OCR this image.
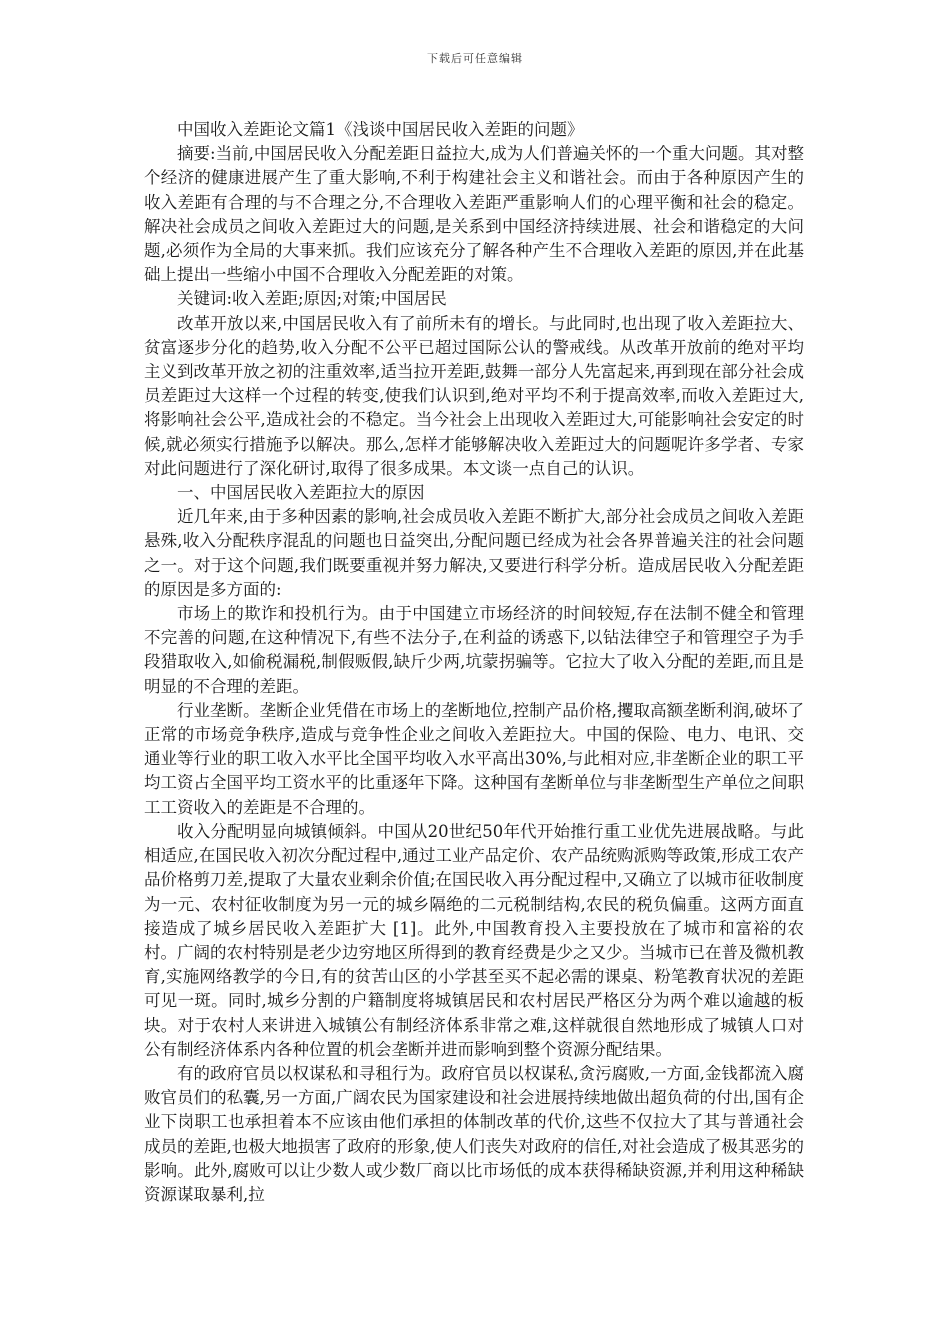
下载后可任意编辑

中国收入差距论文篇1《浅谈中国居民收入差距的问题》

摘要:当前,中国居民收入分配差距日益拉大,成为人们普遍关怀的一个重大问题。其对整个经济的健康进展产生了重大影响,不利于构建社会主义和谐社会。而由于各种原因产生的收入差距有合理的与不合理之分,不合理收入差距严重影响人们的心理平衡和社会的稳定。解决社会成员之间收入差距过大的问题,是关系到中国经济持续进展、社会和谐稳定的大问题,必须作为全局的大事来抓。我们应该充分了解各种产生不合理收入差距的原因,并在此基础上提出一些缩小中国不合理收入分配差距的对策。

关键词:收入差距;原因;对策;中国居民

改革开放以来,中国居民收入有了前所未有的增长。与此同时,也出现了收入差距拉大、贫富逐步分化的趋势,收入分配不公平已超过国际公认的警戒线。从改革开放前的绝对平均主义到改革开放之初的注重效率,适当拉开差距,鼓舞一部分人先富起来,再到现在部分社会成员差距过大这样一个过程的转变,使我们认识到,绝对平均不利于提高效率,而收入差距过大,将影响社会公平,造成社会的不稳定。当今社会上出现收入差距过大,可能影响社会安定的时候,就必须实行措施予以解决。那么,怎样才能够解决收入差距过大的问题呢许多学者、专家对此问题进行了深化研讨,取得了很多成果。本文谈一点自己的认识。

一、中国居民收入差距拉大的原因

近几年来,由于多种因素的影响,社会成员收入差距不断扩大,部分社会成员之间收入差距悬殊,收入分配秩序混乱的问题也日益突出,分配问题已经成为社会各界普遍关注的社会问题之一。对于这个问题,我们既要重视并努力解决,又要进行科学分析。造成居民收入分配差距的原因是多方面的:

市场上的欺诈和投机行为。由于中国建立市场经济的时间较短,存在法制不健全和管理不完善的问题,在这种情况下,有些不法分子,在利益的诱惑下,以钻法律空子和管理空子为手段猎取收入,如偷税漏税,制假贩假,缺斤少两,坑蒙拐骗等。它拉大了收入分配的差距,而且是明显的不合理的差距。

行业垄断。垄断企业凭借在市场上的垄断地位,控制产品价格,攫取高额垄断利润,破坏了正常的市场竞争秩序,造成与竞争性企业之间收入差距拉大。中国的保险、电力、电讯、交通业等行业的职工收入水平比全国平均收入水平高出30%,与此相对应,非垄断企业的职工平均工资占全国平均工资水平的比重逐年下降。这种国有垄断单位与非垄断型生产单位之间职工工资收入的差距是不合理的。

收入分配明显向城镇倾斜。中国从20世纪50年代开始推行重工业优先进展战略。与此相适应,在国民收入初次分配过程中,通过工业产品定价、农产品统购派购等政策,形成工农产品价格剪刀差,提取了大量农业剩余价值;在国民收入再分配过程中,又确立了以城市征收制度为一元、农村征收制度为另一元的城乡隔绝的二元税制结构,农民的税负偏重。这两方面直接造成了城乡居民收入差距扩大 [1]。此外,中国教育投入主要投放在了城市和富裕的农村。广阔的农村特别是老少边穷地区所得到的教育经费是少之又少。当城市已在普及微机教育,实施网络教学的今日,有的贫苦山区的小学甚至买不起必需的课桌、粉笔教育状况的差距可见一斑。同时,城乡分割的户籍制度将城镇居民和农村居民严格区分为两个难以逾越的板块。对于农村人来讲进入城镇公有制经济体系非常之难,这样就很自然地形成了城镇人口对公有制经济体系内各种位置的机会垄断并进而影响到整个资源分配结果。

有的政府官员以权谋私和寻租行为。政府官员以权谋私,贪污腐败,一方面,金钱都流入腐败官员们的私囊,另一方面,广阔农民为国家建设和社会进展持续地做出超负荷的付出,国有企业下岗职工也承担着本不应该由他们承担的体制改革的代价,这些不仅拉大了其与普通社会成员的差距,也极大地损害了政府的形象,使人们丧失对政府的信任,对社会造成了极其恶劣的影响。此外,腐败可以让少数人或少数厂商以比市场低的成本获得稀缺资源,并利用这种稀缺资源谋取暴利,拉
